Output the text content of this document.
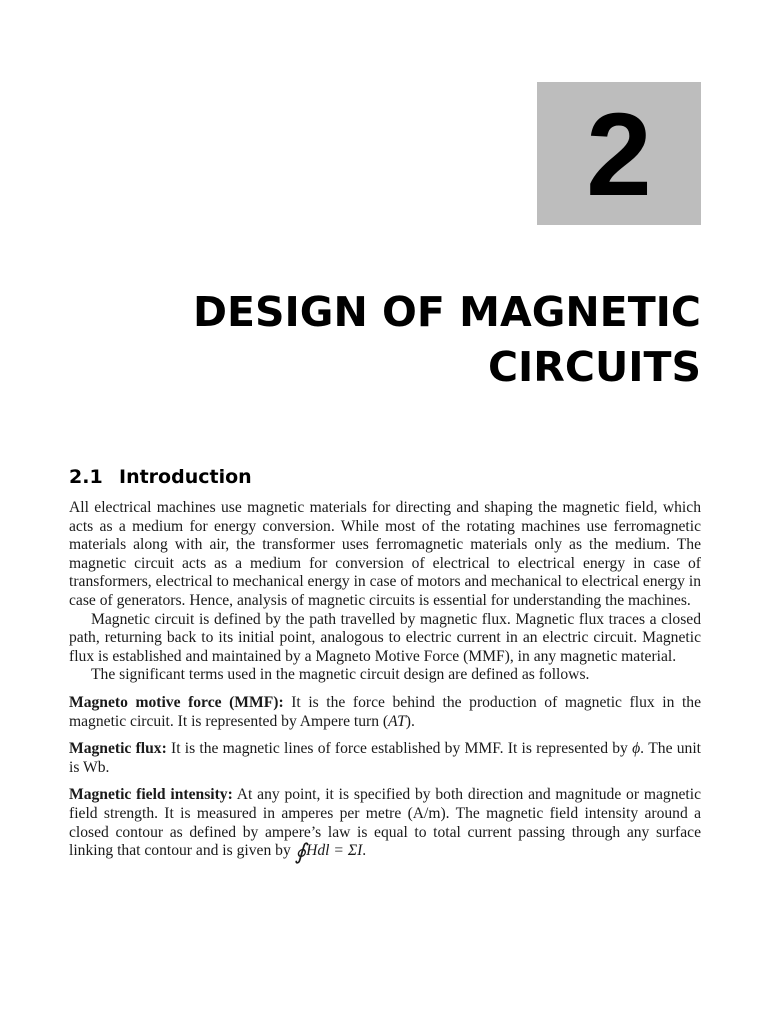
2
DESIGN OF MAGNETIC
CIRCUITS
2.1 Introduction

All electrical machines use magnetic materials for directing and shaping the magnetic field, which acts as a medium for energy conversion. While most of the rotating machines use ferromagnetic materials along with air, the transformer uses ferromagnetic materials only as the medium. The magnetic circuit acts as a medium for conversion of electrical to electrical energy in case of transformers, electrical to mechanical energy in case of motors and mechanical to electrical energy in case of generators. Hence, analysis of magnetic circuits is essential for understanding the machines.

Magnetic circuit is defined by the path travelled by magnetic flux. Magnetic flux traces a closed path, returning back to its initial point, analogous to electric current in an electric circuit. Magnetic flux is established and maintained by a Magneto Motive Force (MMF), in any magnetic material.

The significant terms used in the magnetic circuit design are defined as follows.

Magneto motive force (MMF): It is the force behind the production of magnetic flux in the magnetic circuit. It is represented by Ampere turn (AT).

Magnetic flux: It is the magnetic lines of force established by MMF. It is represented by ϕ. The unit is Wb.

Magnetic field intensity: At any point, it is specified by both direction and magnitude or magnetic field strength. It is measured in amperes per metre (A/m). The magnetic field intensity around a closed contour as defined by ampere’s law is equal to total current passing through any surface linking that contour and is given by ∮Hdl = ΣI.
